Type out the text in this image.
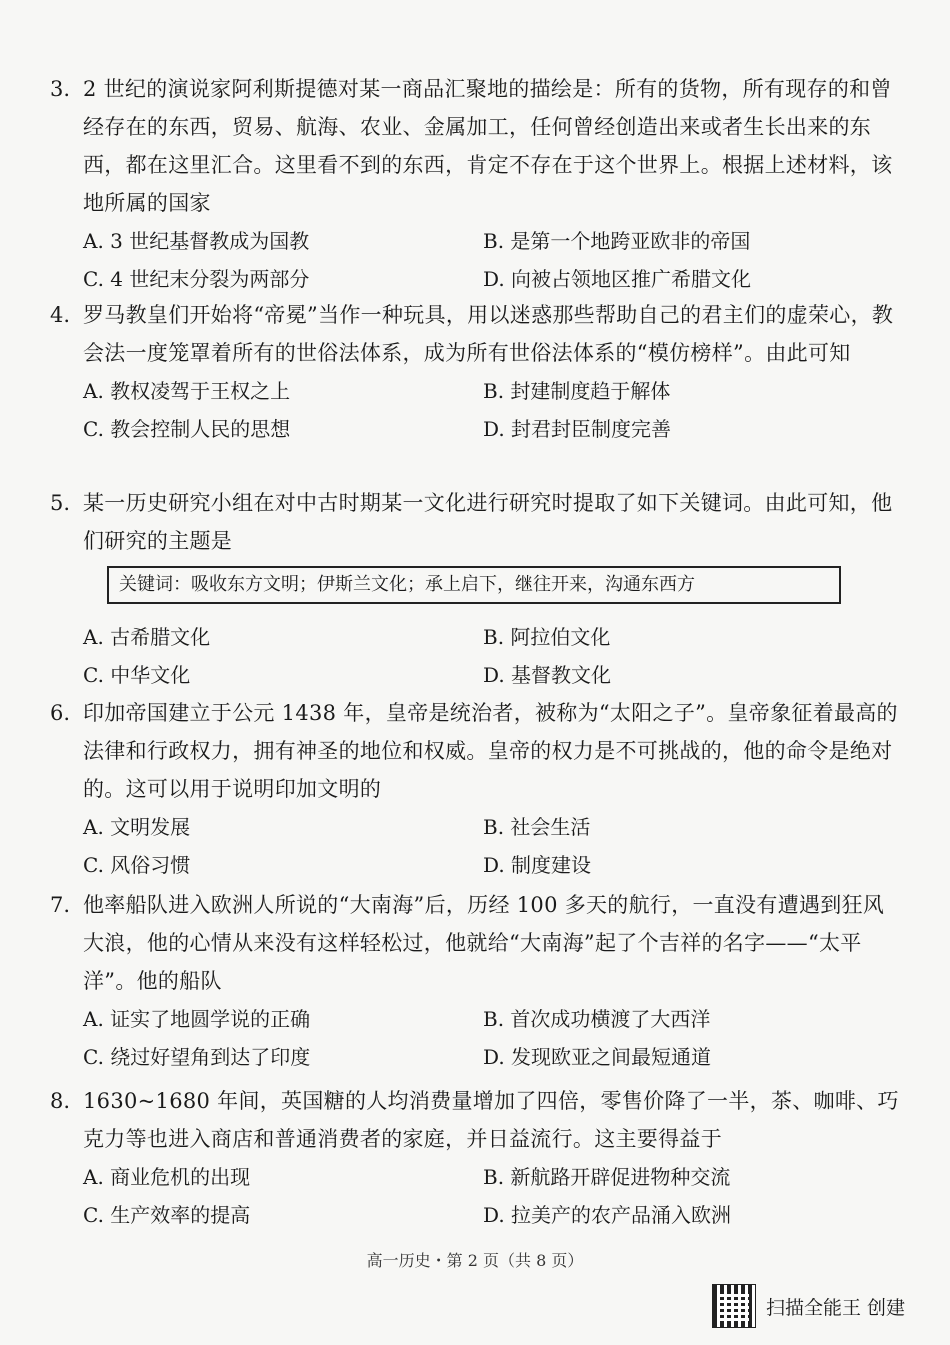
3. 2 世纪的演说家阿利斯提德对某一商品汇聚地的描绘是：所有的货物，所有现存的和曾经存在的东西，贸易、航海、农业、金属加工，任何曾经创造出来或者生长出来的东西，都在这里汇合。这里看不到的东西，肯定不存在于这个世界上。根据上述材料，该地所属的国家
A. 3 世纪基督教成为国教	B. 是第一个地跨亚欧非的帝国
C. 4 世纪末分裂为两部分	D. 向被占领地区推广希腊文化
4. 罗马教皇们开始将“帝冕”当作一种玩具，用以迷惑那些帮助自己的君主们的虚荣心，教会法一度笼罩着所有的世俗法体系，成为所有世俗法体系的“模仿榜样”。由此可知
A. 教权凌驾于王权之上	B. 封建制度趋于解体
C. 教会控制人民的思想	D. 封君封臣制度完善
5. 某一历史研究小组在对中古时期某一文化进行研究时提取了如下关键词。由此可知，他们研究的主题是
关键词：吸收东方文明；伊斯兰文化；承上启下，继往开来，沟通东西方
A. 古希腊文化	B. 阿拉伯文化
C. 中华文化	D. 基督教文化
6. 印加帝国建立于公元 1438 年，皇帝是统治者，被称为“太阳之子”。皇帝象征着最高的法律和行政权力，拥有神圣的地位和权威。皇帝的权力是不可挑战的，他的命令是绝对的。这可以用于说明印加文明的
A. 文明发展	B. 社会生活
C. 风俗习惯	D. 制度建设
7. 他率船队进入欧洲人所说的“大南海”后，历经 100 多天的航行，一直没有遭遇到狂风大浪，他的心情从来没有这样轻松过，他就给“大南海”起了个吉祥的名字——“太平洋”。他的船队
A. 证实了地圆学说的正确	B. 首次成功横渡了大西洋
C. 绕过好望角到达了印度	D. 发现欧亚之间最短通道
8. 1630~1680 年间，英国糖的人均消费量增加了四倍，零售价降了一半，茶、咖啡、巧克力等也进入商店和普通消费者的家庭，并日益流行。这主要得益于
A. 商业危机的出现	B. 新航路开辟促进物种交流
C. 生产效率的提高	D. 拉美产的农产品涌入欧洲
高一历史・第 2 页（共 8 页）
扫描全能王 创建
